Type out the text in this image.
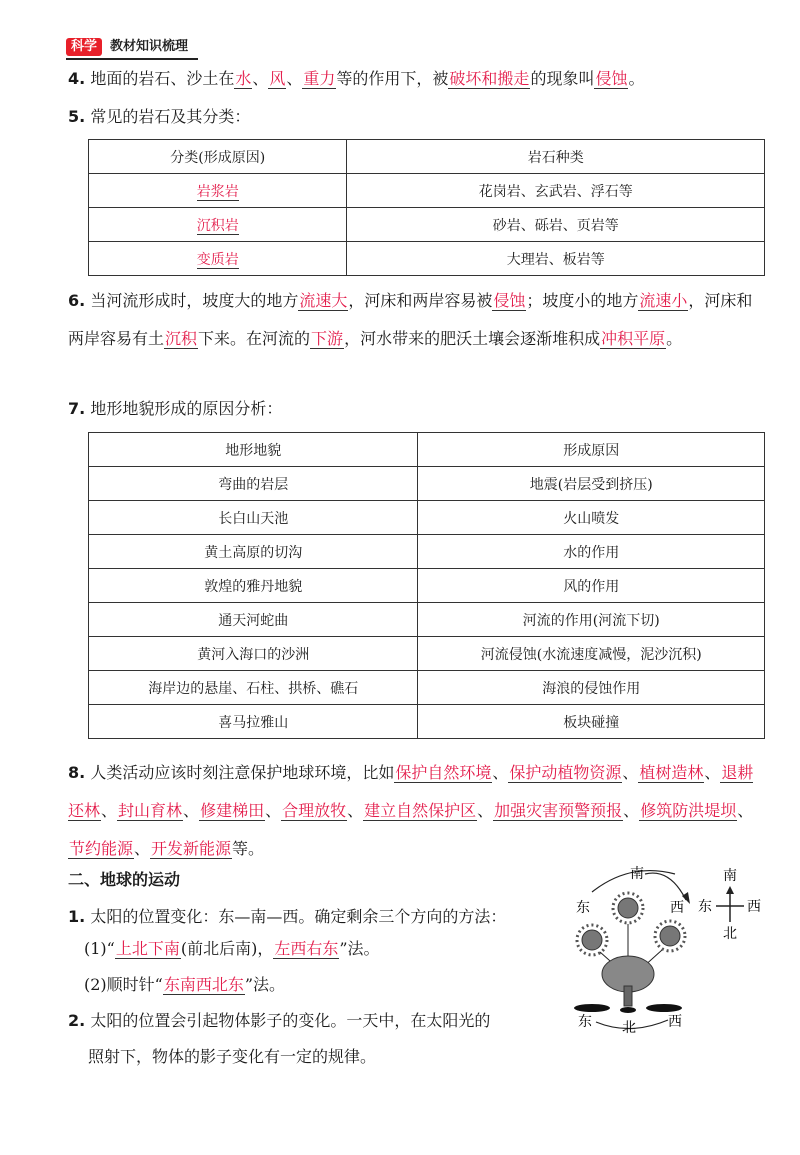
科学 教材知识梳理

4. 地面的岩石、沙土在水、风、重力等的作用下，被破坏和搬走的现象叫侵蚀。

5. 常见的岩石及其分类：

分类(形成原因)	岩石种类
岩浆岩	花岗岩、玄武岩、浮石等
沉积岩	砂岩、砾岩、页岩等
变质岩	大理岩、板岩等

6. 当河流形成时，坡度大的地方流速大，河床和两岸容易被侵蚀；坡度小的地方流速小，河床和两岸容易有土沉积下来。在河流的下游，河水带来的肥沃土壤会逐渐堆积成冲积平原。

7. 地形地貌形成的原因分析：

地形地貌	形成原因
弯曲的岩层	地震(岩层受到挤压)
长白山天池	火山喷发
黄土高原的切沟	水的作用
敦煌的雅丹地貌	风的作用
通天河蛇曲	河流的作用(河流下切)
黄河入海口的沙洲	河流侵蚀(水流速度减慢，泥沙沉积)
海岸边的悬崖、石柱、拱桥、礁石	海浪的侵蚀作用
喜马拉雅山	板块碰撞

8. 人类活动应该时刻注意保护地球环境，比如保护自然环境、保护动植物资源、植树造林、退耕还林、封山育林、修建梯田、合理放牧、建立自然保护区、加强灾害预警预报、修筑防洪堤坝、节约能源、开发新能源等。

二、地球的运动

1. 太阳的位置变化：东—南—西。确定剩余三个方向的方法：

(1)“上北下南(前北后南)，左西右东”法。

(2)顺时针“东南西北东”法。

2. 太阳的位置会引起物体影子的变化。一天中，在太阳光的

照射下，物体的影子变化有一定的规律。

南
东	西
东 北 西
南
东	西
北
